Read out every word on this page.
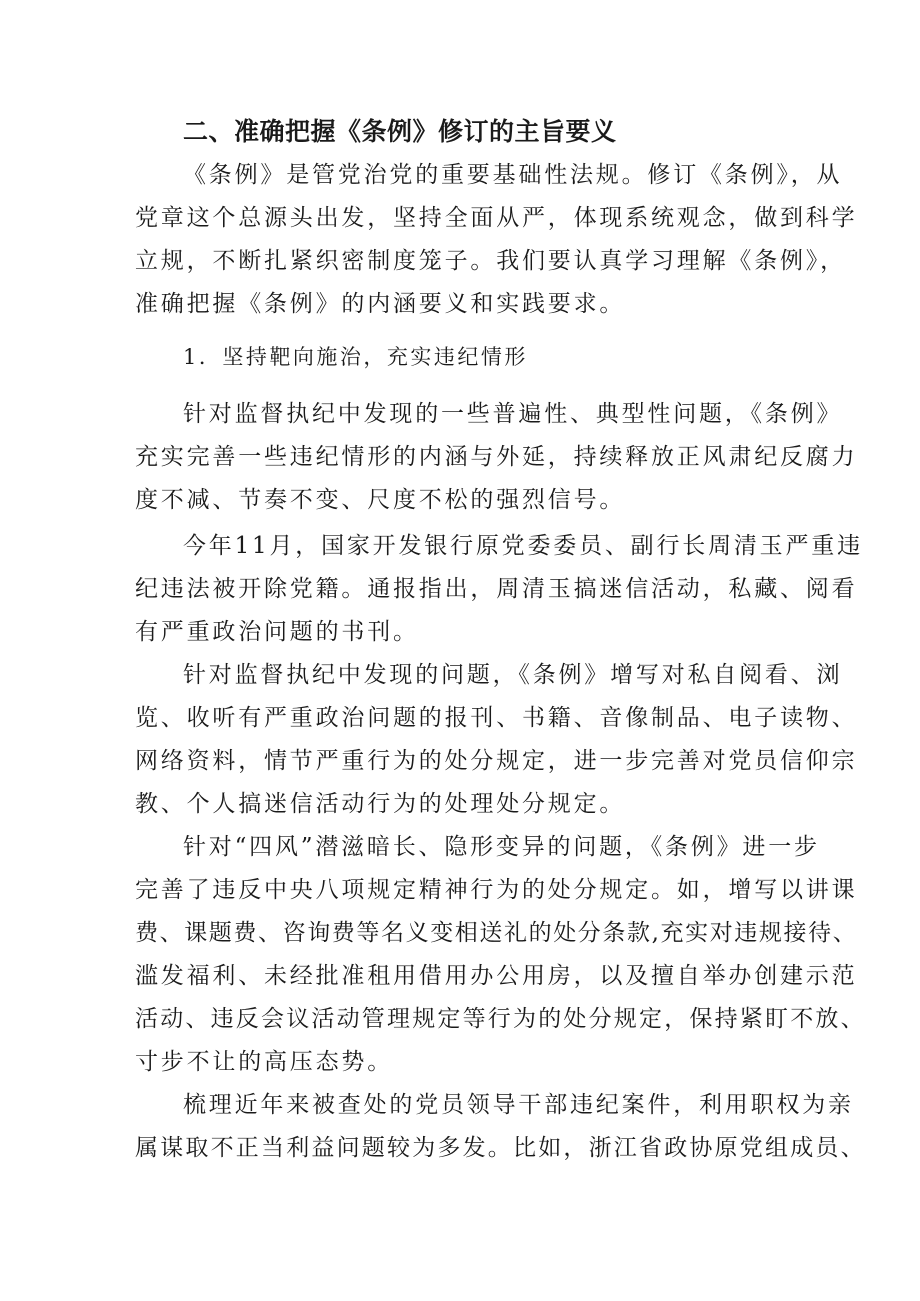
二、准确把握《条例》修订的主旨要义
《条例》是管党治党的重要基础性法规。修订《条例》，从
党章这个总源头出发，坚持全面从严，体现系统观念，做到科学
立规，不断扎紧织密制度笼子。我们要认真学习理解《条例》，
准确把握《条例》的内涵要义和实践要求。
1．坚持靶向施治，充实违纪情形
针对监督执纪中发现的一些普遍性、典型性问题，《条例》
充实完善一些违纪情形的内涵与外延，持续释放正风肃纪反腐力
度不减、节奏不变、尺度不松的强烈信号。
今年11月，国家开发银行原党委委员、副行长周清玉严重违
纪违法被开除党籍。通报指出，周清玉搞迷信活动，私藏、阅看
有严重政治问题的书刊。
针对监督执纪中发现的问题，《条例》增写对私自阅看、浏
览、收听有严重政治问题的报刊、书籍、音像制品、电子读物、
网络资料，情节严重行为的处分规定，进一步完善对党员信仰宗
教、个人搞迷信活动行为的处理处分规定。
针对“四风”潜滋暗长、隐形变异的问题，《条例》进一步
完善了违反中央八项规定精神行为的处分规定。如，增写以讲课
费、课题费、咨询费等名义变相送礼的处分条款,充实对违规接待、
滥发福利、未经批准租用借用办公用房，以及擅自举办创建示范
活动、违反会议活动管理规定等行为的处分规定，保持紧盯不放、
寸步不让的高压态势。
梳理近年来被查处的党员领导干部违纪案件，利用职权为亲
属谋取不正当利益问题较为多发。比如，浙江省政协原党组成员、
